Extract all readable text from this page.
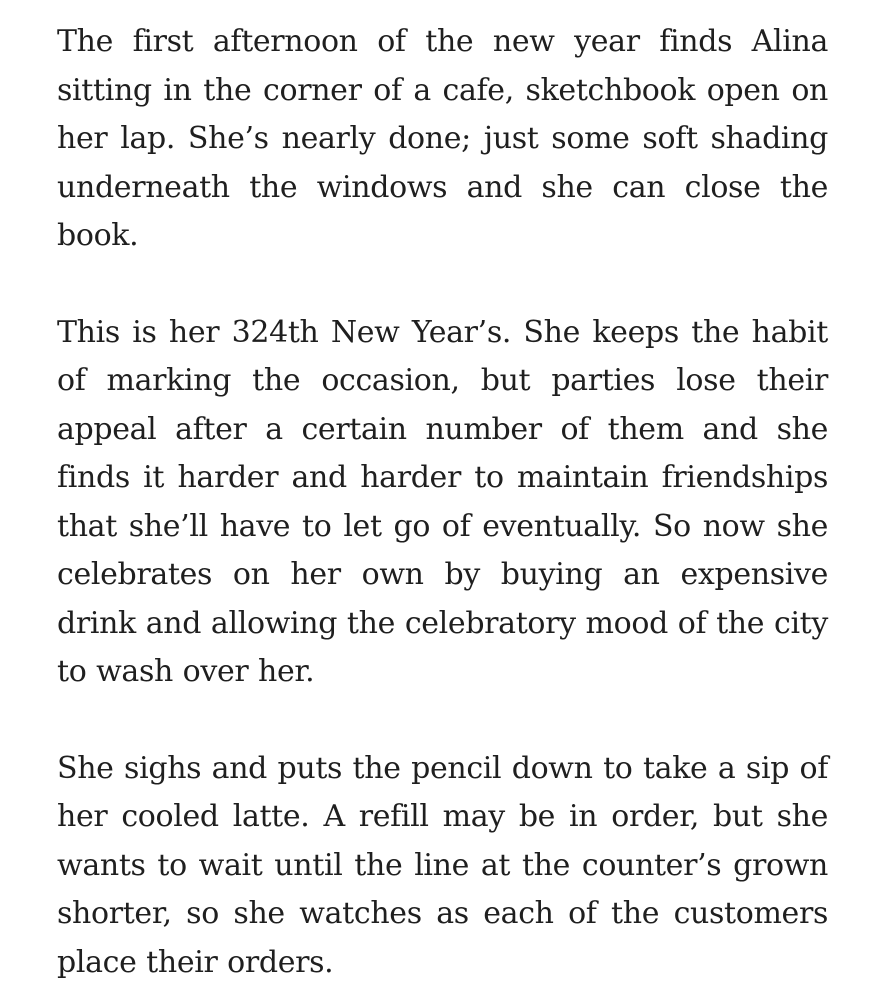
The first afternoon of the new year finds Alina sitting in the corner of a cafe, sketchbook open on her lap. She’s nearly done; just some soft shading underneath the windows and she can close the book.

This is her 324th New Year’s. She keeps the habit of marking the occasion, but parties lose their appeal after a certain number of them and she finds it harder and harder to maintain friendships that she’ll have to let go of eventually. So now she celebrates on her own by buying an expensive drink and allowing the celebratory mood of the city to wash over her.

She sighs and puts the pencil down to take a sip of her cooled latte. A refill may be in order, but she wants to wait until the line at the counter’s grown shorter, so she watches as each of the customers place their orders.
